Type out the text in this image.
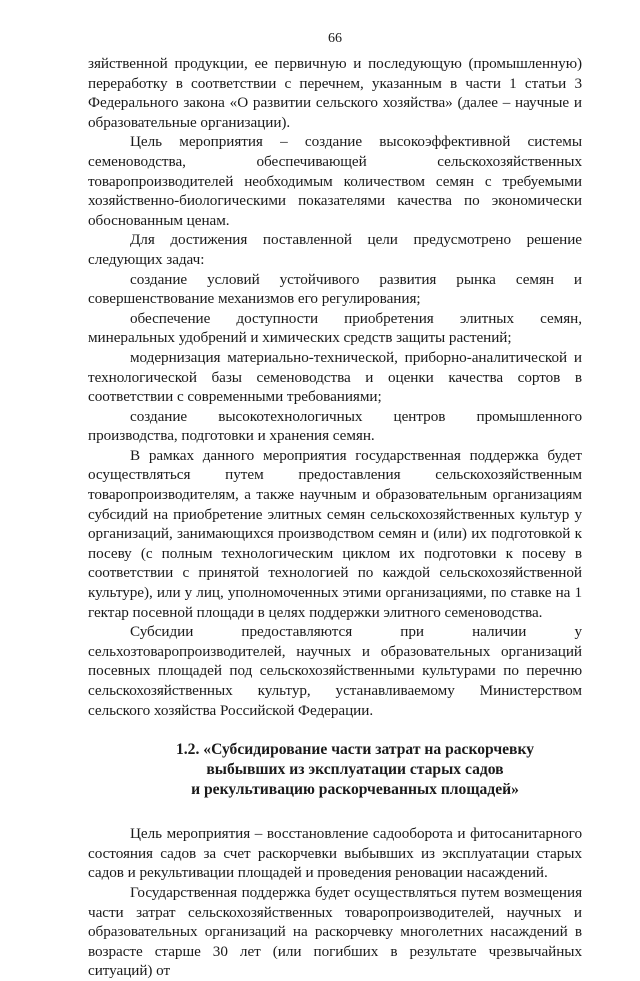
66

зяйственной продукции, ее первичную и последующую (промышленную) переработку в соответствии с перечнем, указанным в части 1 статьи 3 Федерального закона «О развитии сельского хозяйства» (далее – научные и образовательные организации).

Цель мероприятия – создание высокоэффективной системы семеноводства, обеспечивающей сельскохозяйственных товаропроизводителей необходимым количеством семян с требуемыми хозяйственно-биологическими показателями качества по экономически обоснованным ценам.

Для достижения поставленной цели предусмотрено решение следующих задач:

создание условий устойчивого развития рынка семян и совершенствование механизмов его регулирования;

обеспечение доступности приобретения элитных семян, минеральных удобрений и химических средств защиты растений;

модернизация материально-технической, приборно-аналитической и технологической базы семеноводства и оценки качества сортов в соответствии с современными требованиями;

создание высокотехнологичных центров промышленного производства, подготовки и хранения семян.

В рамках данного мероприятия государственная поддержка будет осуществляться путем предоставления сельскохозяйственным товаропроизводителям, а также научным и образовательным организациям субсидий на приобретение элитных семян сельскохозяйственных культур у организаций, занимающихся производством семян и (или) их подготовкой к посеву (с полным технологическим циклом их подготовки к посеву в соответствии с принятой технологией по каждой сельскохозяйственной культуре), или у лиц, уполномоченных этими организациями, по ставке на 1 гектар посевной площади в целях поддержки элитного семеноводства.

Субсидии предоставляются при наличии у сельхозтоваропроизводителей, научных и образовательных организаций посевных площадей под сельскохозяйственными культурами по перечню сельскохозяйственных культур, устанавливаемому Министерством сельского хозяйства Российской Федерации.

1.2. «Субсидирование части затрат на раскорчевку
выбывших из эксплуатации старых садов
и рекультивацию раскорчеванных площадей»

Цель мероприятия – восстановление садооборота и фитосанитарного состояния садов за счет раскорчевки выбывших из эксплуатации старых садов и рекультивации площадей и проведения реновации насаждений.

Государственная поддержка будет осуществляться путем возмещения части затрат сельскохозяйственных товаропроизводителей, научных и образовательных организаций на раскорчевку многолетних насаждений в возрасте старше 30 лет (или погибших в результате чрезвычайных ситуаций) от
